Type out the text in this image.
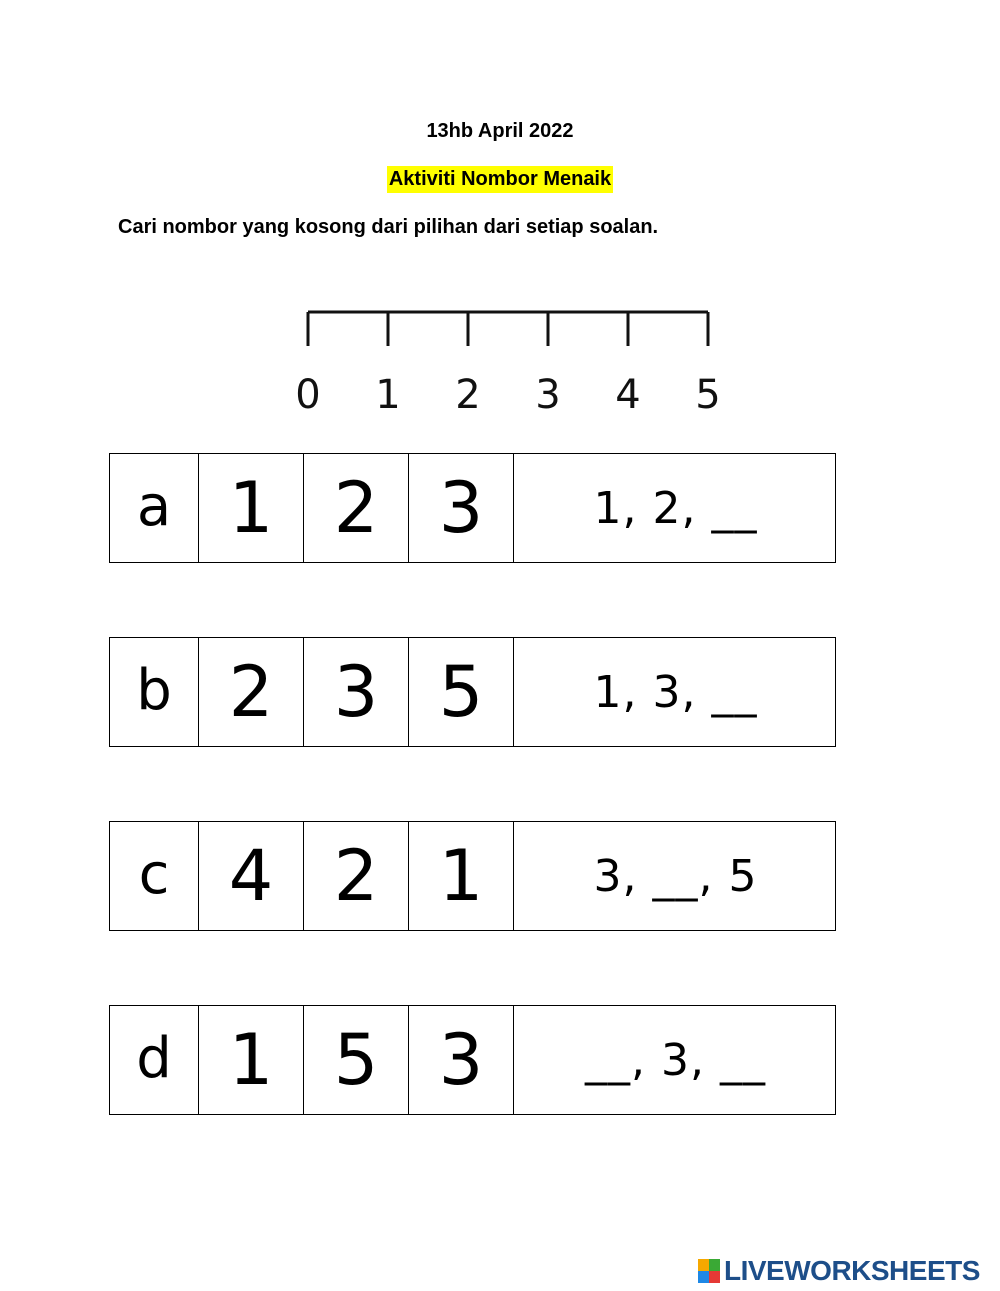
13hb April 2022
Aktiviti Nombor Menaik
Cari nombor yang kosong dari pilihan dari setiap soalan.
0 1 2 3 4 5
a 1 2 3	1, 2, __
b 2 3 5	1, 3, __
c 4 2 1	3, __, 5
d 1 5 3	__, 3, __
LIVEWORKSHEETS
